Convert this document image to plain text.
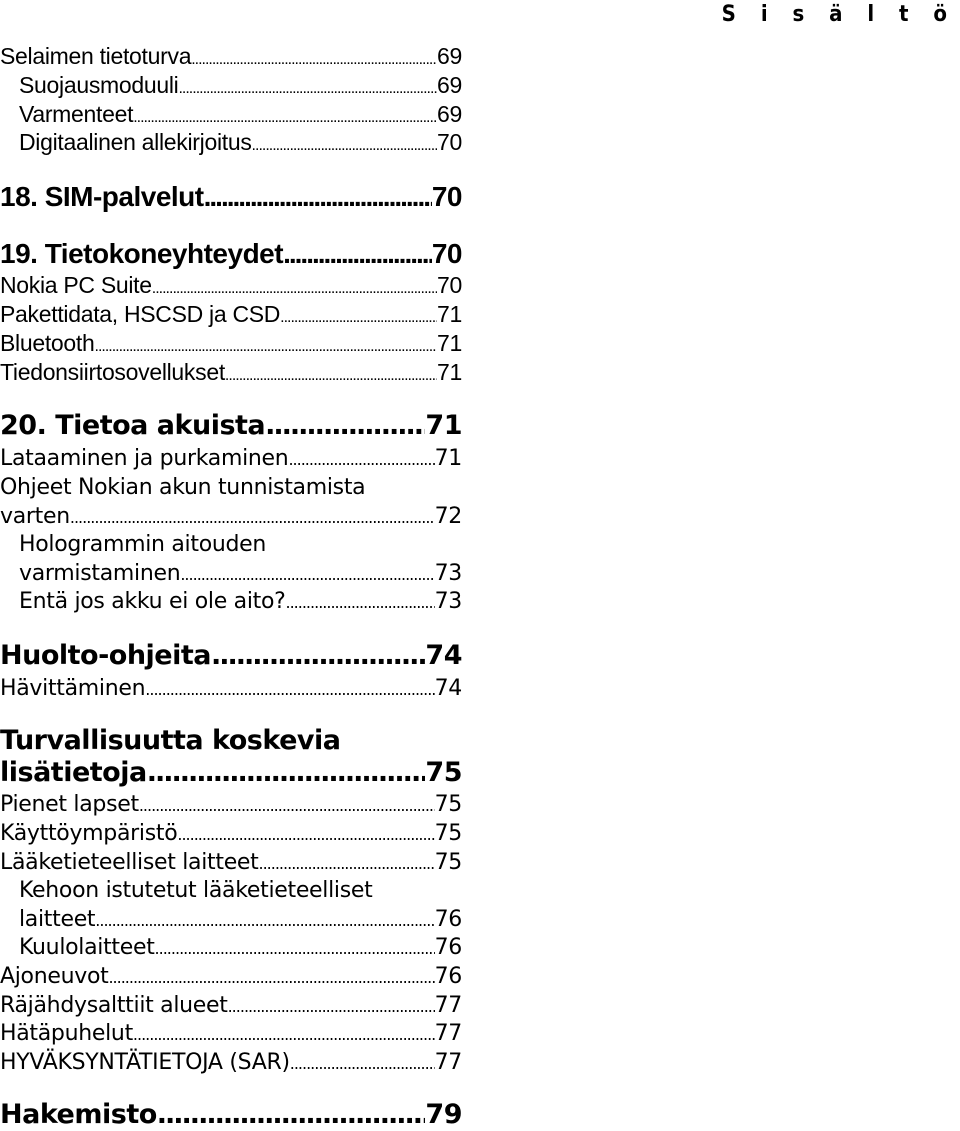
S i s ä l t ö
Selaimen tietoturva .....	69
Suojausmoduuli .....	69
Varmenteet .....	69
Digitaalinen allekirjoitus .....	70
18. SIM-palvelut .....	70
19. Tietokoneyhteydet .....	70
Nokia PC Suite .....	70
Pakettidata, HSCSD ja CSD .....	71
Bluetooth .....	71
Tiedonsiirtosovellukset .....	71
20. Tietoa akuista .....	71
Lataaminen ja purkaminen .....	71
Ohjeet Nokian akun tunnistamista
varten .....	72
Hologrammin aitouden
varmistaminen .....	73
Entä jos akku ei ole aito? .....	73
Huolto-ohjeita .....	74
Hävittäminen .....	74
Turvallisuutta koskevia
lisätietoja .....	75
Pienet lapset .....	75
Käyttöympäristö .....	75
Lääketieteelliset laitteet .....	75
Kehoon istutetut lääketieteelliset
laitteet .....	76
Kuulolaitteet .....	76
Ajoneuvot .....	76
Räjähdysalttiit alueet .....	77
Hätäpuhelut .....	77
HYVÄKSYNTÄTIETOJA (SAR) .....	77
Hakemisto .....	79
